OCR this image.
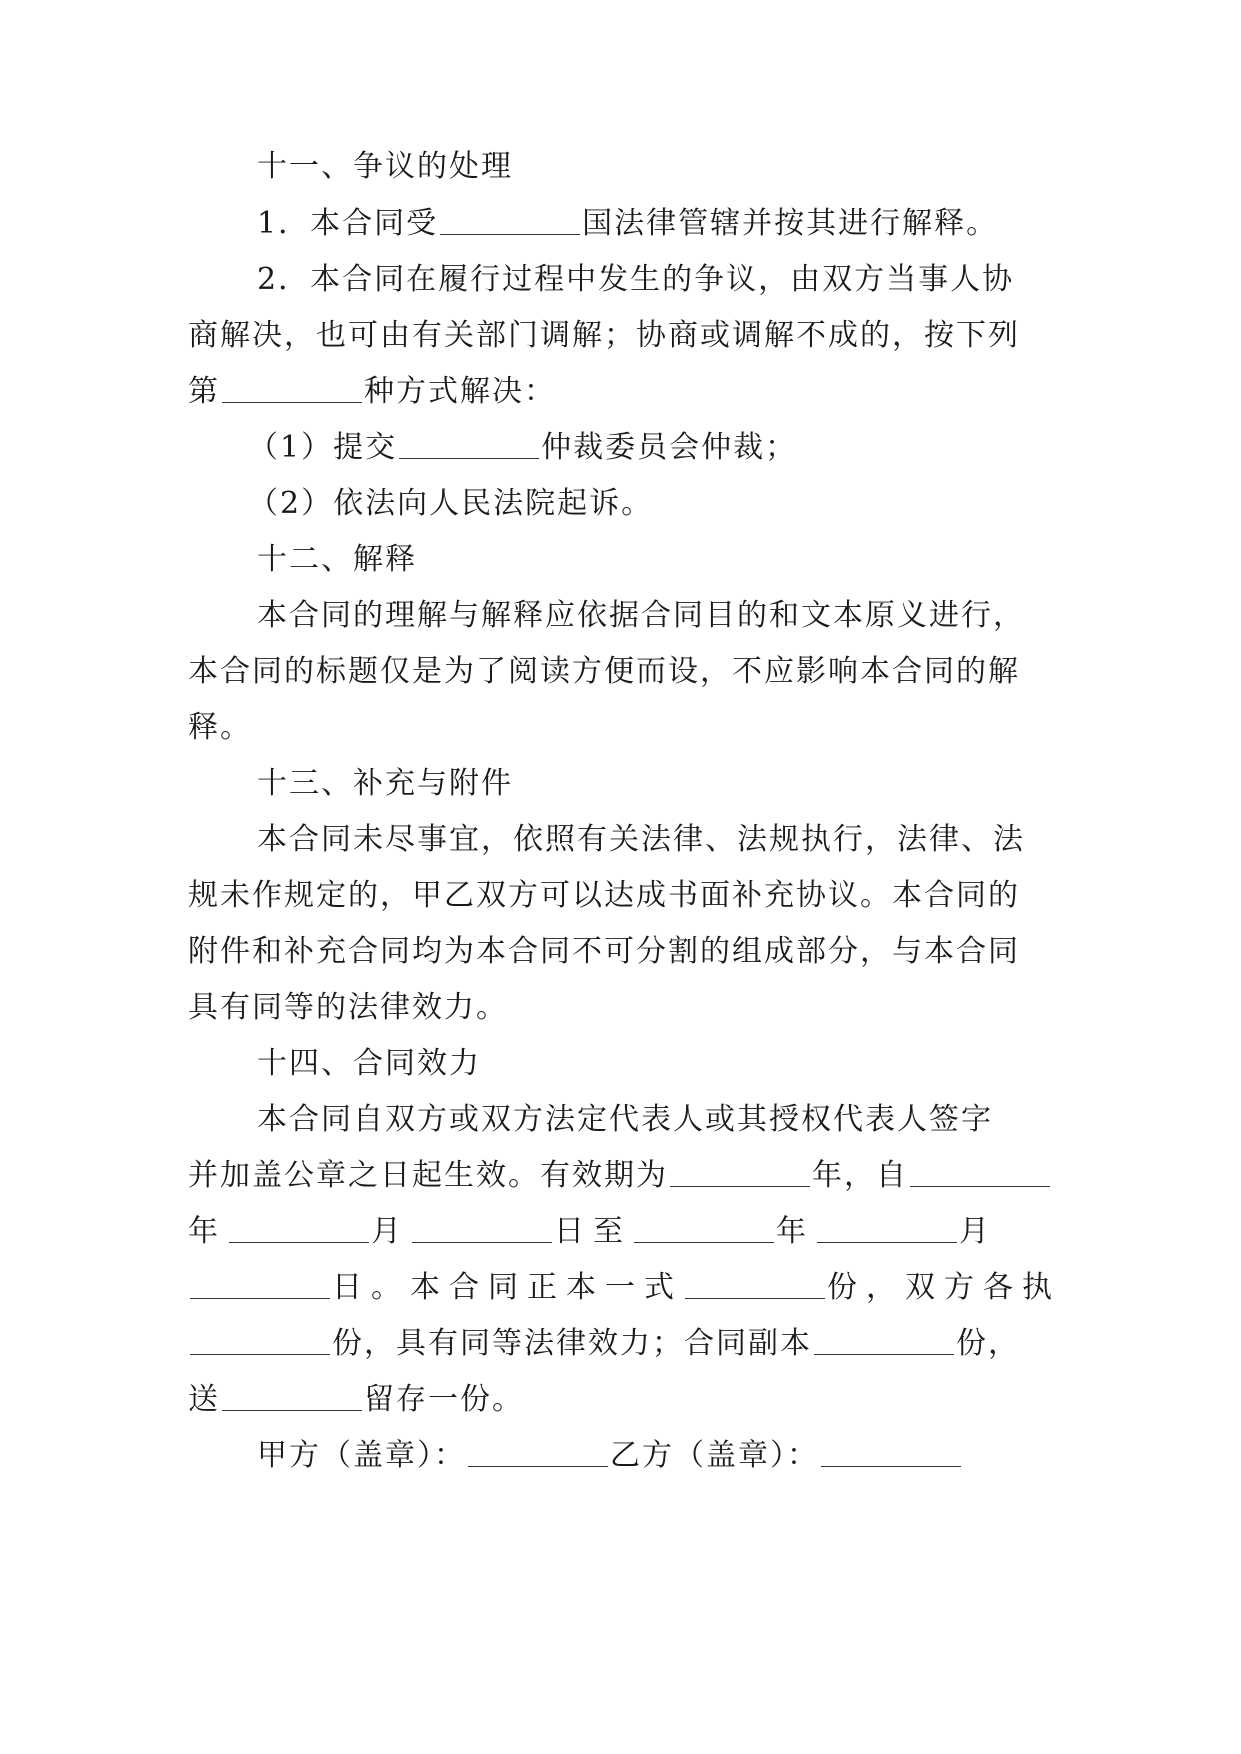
十一、争议的处理
1．本合同受	国法律管辖并按其进行解释。
2．本合同在履行过程中发生的争议，由双方当事人协
商解决，也可由有关部门调解；协商或调解不成的，按下列
第	种方式解决：
（1）提交	仲裁委员会仲裁；
（2）依法向人民法院起诉。
十二、解释
本合同的理解与解释应依据合同目的和文本原义进行，
本合同的标题仅是为了阅读方便而设，不应影响本合同的解
释。
十三、补充与附件
本合同未尽事宜，依照有关法律、法规执行，法律、法
规未作规定的，甲乙双方可以达成书面补充协议。本合同的
附件和补充合同均为本合同不可分割的组成部分，与本合同
具有同等的法律效力。
十四、合同效力
本合同自双方或双方法定代表人或其授权代表人签字
并加盖公章之日起生效。有效期为	年，自
年	月	日至	年	月
日。本合同正本一式	份，双方各执
份，具有同等法律效力；合同副本	份，
送	留存一份。
甲方（盖章）：	乙方（盖章）：
